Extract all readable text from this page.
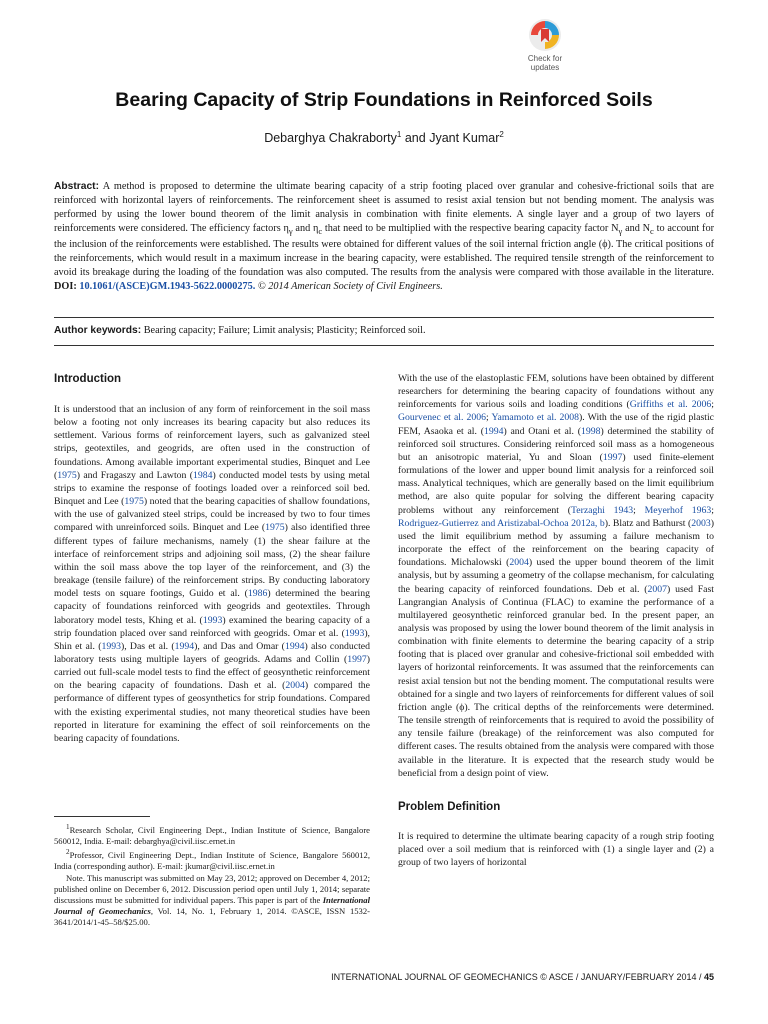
Check for
updates
Bearing Capacity of Strip Foundations in Reinforced Soils
Debarghya Chakraborty$^1$ and Jyant Kumar$^2$

Abstract: A method is proposed to determine the ultimate bearing capacity of a strip footing placed over granular and cohesive-frictional soils that are reinforced with horizontal layers of reinforcements. The reinforcement sheet is assumed to resist axial tension but not bending moment. The analysis was performed by using the lower bound theorem of the limit analysis in combination with finite elements. A single layer and a group of two layers of reinforcements were considered. The efficiency factors $\eta_\gamma$ and $\eta_c$ that need to be multiplied with the respective bearing capacity factor $N_\gamma$ and $N_c$ to account for the inclusion of the reinforcements were established. The results were obtained for different values of the soil internal friction angle (ϕ). The critical positions of the reinforcements, which would result in a maximum increase in the bearing capacity, were established. The required tensile strength of the reinforcement to avoid its breakage during the loading of the foundation was also computed. The results from the analysis were compared with those available in the literature. DOI: 10.1061/(ASCE)GM.1943-5622.0000275. © 2014 American Society of Civil Engineers.

Author keywords: Bearing capacity; Failure; Limit analysis; Plasticity; Reinforced soil.

Introduction

It is understood that an inclusion of any form of reinforcement in the soil mass below a footing not only increases its bearing capacity but also reduces its settlement. Various forms of reinforcement layers, such as galvanized steel strips, geotextiles, and geogrids, are often used in the construction of foundations. Among available important experimental studies, Binquet and Lee (1975) and Fragaszy and Lawton (1984) conducted model tests by using metal strips to examine the response of footings loaded over a reinforced soil bed. Binquet and Lee (1975) noted that the bearing capacities of shallow foundations, with the use of galvanized steel strips, could be increased by two to four times compared with unreinforced soils. Binquet and Lee (1975) also identified three different types of failure mechanisms, namely (1) the shear failure at the interface of reinforcement strips and adjoining soil mass, (2) the shear failure within the soil mass above the top layer of the reinforcement, and (3) the breakage (tensile failure) of the reinforcement strips. By conducting laboratory model tests on square footings, Guido et al. (1986) determined the bearing capacity of foundations reinforced with geogrids and geotextiles. Through laboratory model tests, Khing et al. (1993) examined the bearing capacity of a strip foundation placed over sand reinforced with geogrids. Omar et al. (1993), Shin et al. (1993), Das et al. (1994), and Das and Omar (1994) also conducted laboratory tests using multiple layers of geogrids. Adams and Collin (1997) carried out full-scale model tests to find the effect of geosynthetic reinforcement on the bearing capacity of foundations. Dash et al. (2004) compared the performance of different types of geosynthetics for strip foundations. Compared with the existing experimental studies, not many theoretical studies have been reported in literature for examining the effect of soil reinforcements on the bearing capacity of foundations.

$^1$Research Scholar, Civil Engineering Dept., Indian Institute of Science, Bangalore 560012, India. E-mail: debarghya@civil.iisc.ernet.in

$^2$Professor, Civil Engineering Dept., Indian Institute of Science, Bangalore 560012, India (corresponding author). E-mail: jkumar@civil.iisc.ernet.in

Note. This manuscript was submitted on May 23, 2012; approved on December 4, 2012; published online on December 6, 2012. Discussion period open until July 1, 2014; separate discussions must be submitted for individual papers. This paper is part of the International Journal of Geomechanics, Vol. 14, No. 1, February 1, 2014. ©ASCE, ISSN 1532-3641/2014/1-45–58/$25.00.

With the use of the elastoplastic FEM, solutions have been obtained by different researchers for determining the bearing capacity of foundations without any reinforcements for various soils and loading conditions (Griffiths et al. 2006; Gourvenec et al. 2006; Yamamoto et al. 2008). With the use of the rigid plastic FEM, Asaoka et al. (1994) and Otani et al. (1998) determined the stability of reinforced soil structures. Considering reinforced soil mass as a homogeneous but an anisotropic material, Yu and Sloan (1997) used finite-element formulations of the lower and upper bound limit analysis for a reinforced soil mass. Analytical techniques, which are generally based on the limit equilibrium method, are also quite popular for solving the different bearing capacity problems without any reinforcement (Terzaghi 1943; Meyerhof 1963; Rodriguez-Gutierrez and Aristizabal-Ochoa 2012a, b). Blatz and Bathurst (2003) used the limit equilibrium method by assuming a failure mechanism to incorporate the effect of the reinforcement on the bearing capacity of foundations. Michalowski (2004) used the upper bound theorem of the limit analysis, but by assuming a geometry of the collapse mechanism, for calculating the bearing capacity of reinforced foundations. Deb et al. (2007) used Fast Langrangian Analysis of Continua (FLAC) to examine the performance of a multilayered geosynthetic reinforced granular bed. In the present paper, an analysis was proposed by using the lower bound theorem of the limit analysis in combination with finite elements to determine the bearing capacity of a strip footing that is placed over granular and cohesive-frictional soil embedded with layers of horizontal reinforcements. It was assumed that the reinforcements can resist axial tension but not the bending moment. The computational results were obtained for a single and two layers of reinforcements for different values of soil friction angle (ϕ). The critical depths of the reinforcements were determined. The tensile strength of reinforcements that is required to avoid the possibility of any tensile failure (breakage) of the reinforcement was also computed for different cases. The results obtained from the analysis were compared with those available in the literature. It is expected that the research study would be beneficial from a design point of view.

Problem Definition

It is required to determine the ultimate bearing capacity of a rough strip footing placed over a soil medium that is reinforced with (1) a single layer and (2) a group of two layers of horizontal

INTERNATIONAL JOURNAL OF GEOMECHANICS © ASCE / JANUARY/FEBRUARY 2014 / 45
